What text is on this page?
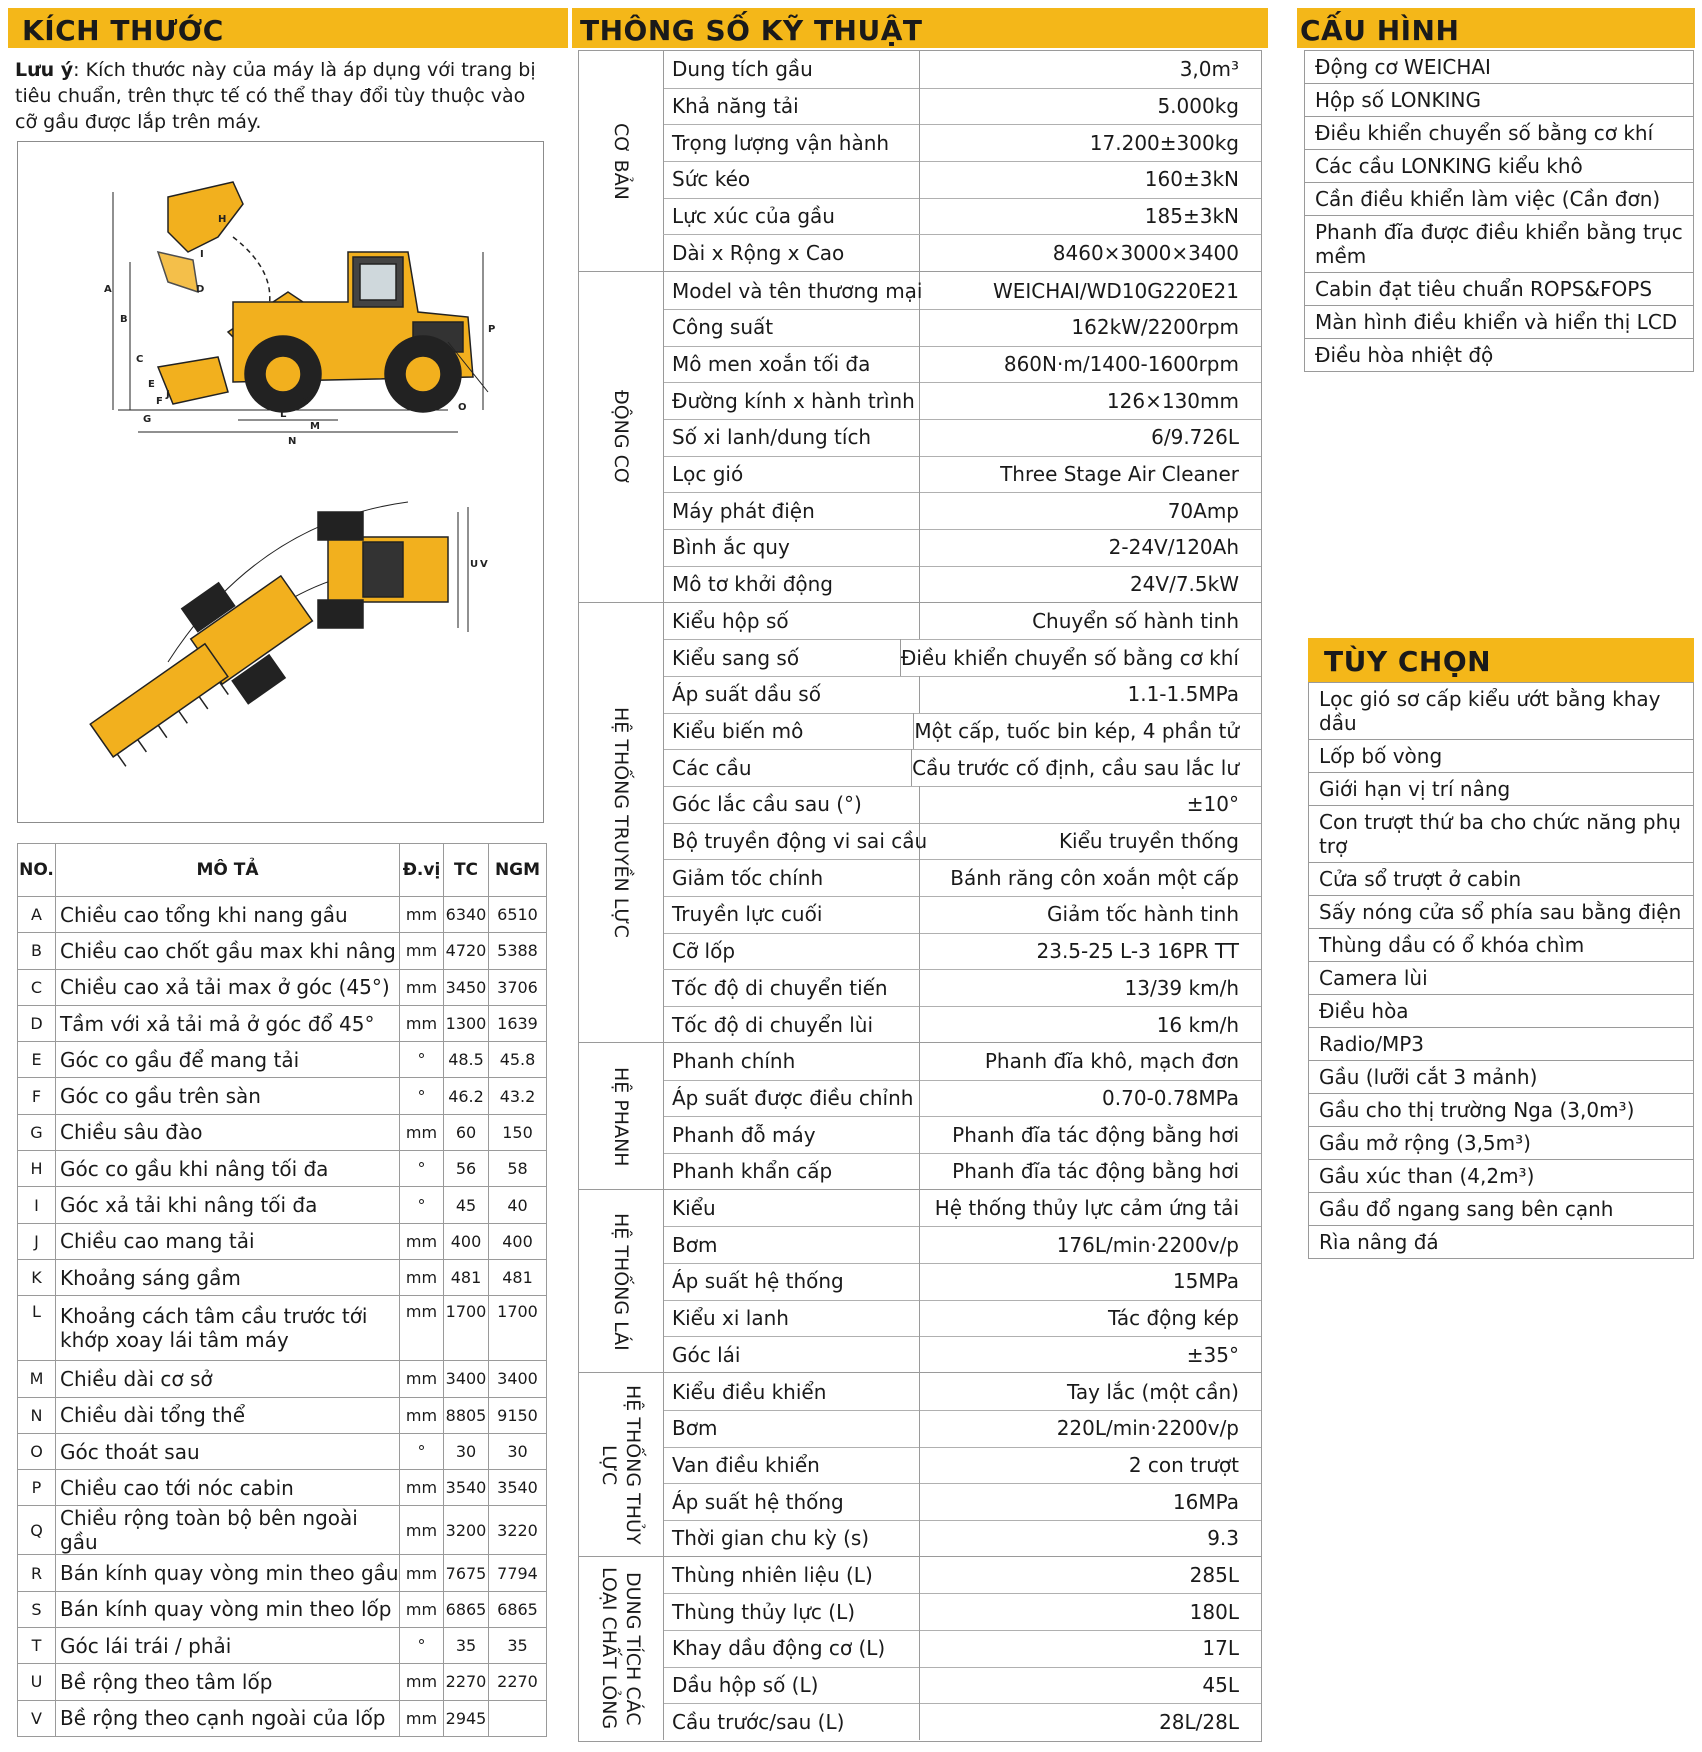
KÍCH THƯỚC	THÔNG SỐ KỸ THUẬT	CẤU HÌNH
Lưu ý: Kích thước này của máy là áp dụng với trang bị tiêu chuẩn, trên thực tế có thể thay đổi tùy thuộc vào cỡ gầu được lắp trên máy.
A
B
C
D
E
F
G
H
I
J
K
L
M
N
O
P
U V
NO.	MÔ TẢ	Đ.vị	TC	NGM
A	Chiều cao tổng khi nang gầu	mm	6340	6510
B	Chiều cao chốt gầu max khi nâng	mm	4720	5388
C	Chiều cao xả tải max ở góc (45°)	mm	3450	3706
D	Tầm với xả tải mả ở góc đổ 45°	mm	1300	1639
E	Góc co gầu để mang tải	°	48.5	45.8
F	Góc co gầu trên sàn	°	46.2	43.2
G	Chiều sâu đào	mm	60	150
H	Góc co gầu khi nâng tối đa	°	56	58
I	Góc xả tải khi nâng tối đa	°	45	40
J	Chiều cao mang tải	mm	400	400
K	Khoảng sáng gầm	mm	481	481
L	Khoảng cách tâm cầu trước tới khớp xoay lái tâm máy	mm	1700	1700
M	Chiều dài cơ sở	mm	3400	3400
N	Chiều dài tổng thể	mm	8805	9150
O	Góc thoát sau	°	30	30
P	Chiều cao tới nóc cabin	mm	3540	3540
Q	Chiều rộng toàn bộ bên ngoài gầu	mm	3200	3220
R	Bán kính quay vòng min theo gầu	mm	7675	7794
S	Bán kính quay vòng min theo lốp	mm	6865	6865
T	Góc lái trái / phải	°	35	35
U	Bề rộng theo tâm lốp	mm	2270	2270
V	Bề rộng theo cạnh ngoài của lốp	mm	2945	
CƠ BẢN
Dung tích gầu	3,0m³
Khả năng tải	5.000kg
Trọng lượng vận hành	17.200±300kg
Sức kéo	160±3kN
Lực xúc của gầu	185±3kN
Dài x Rộng x Cao	8460×3000×3400
ĐỘNG CƠ
Model và tên thương mại	WEICHAI/WD10G220E21
Công suất	162kW/2200rpm
Mô men xoắn tối đa	860N·m/1400-1600rpm
Đường kính x hành trình	126×130mm
Số xi lanh/dung tích	6/9.726L
Lọc gió	Three Stage Air Cleaner
Máy phát điện	70Amp
Bình ắc quy	2-24V/120Ah
Mô tơ khởi động	24V/7.5kW
HỆ THỐNG TRUYỀN LỰC
Kiểu hộp số	Chuyển số hành tinh
Kiểu sang số	Điều khiển chuyển số bằng cơ khí
Áp suất dầu số	1.1-1.5MPa
Kiểu biến mô	Một cấp, tuốc bin kép, 4 phần tử
Các cầu	Cầu trước cố định, cầu sau lắc lư
Góc lắc cầu sau (°)	±10°
Bộ truyền động vi sai cầu	Kiểu truyền thống
Giảm tốc chính	Bánh răng côn xoắn một cấp
Truyền lực cuối	Giảm tốc hành tinh
Cỡ lốp	23.5-25 L-3 16PR TT
Tốc độ di chuyển tiến	13/39 km/h
Tốc độ di chuyển lùi	16 km/h
HỆ PHANH
Phanh chính	Phanh đĩa khô, mạch đơn
Áp suất được điều chỉnh	0.70-0.78MPa
Phanh đỗ máy	Phanh đĩa tác động bằng hơi
Phanh khẩn cấp	Phanh đĩa tác động bằng hơi
HỆ THỐNG LÁI
Kiểu	Hệ thống thủy lực cảm ứng tải
Bơm	176L/min·2200v/p
Áp suất hệ thống	15MPa
Kiểu xi lanh	Tác động kép
Góc lái	±35°
HỆ THỐNG THỦY LỰC
Kiểu điều khiển	Tay lắc (một cần)
Bơm	220L/min·2200v/p
Van điều khiển	2 con trượt
Áp suất hệ thống	16MPa
Thời gian chu kỳ (s)	9.3
DUNG TÍCH CÁC LOẠI CHẤT LỎNG	Thùng nhiên liệu (L)	285L
Thùng thủy lực (L)	180L
Khay dầu động cơ (L)	17L
Dầu hộp số (L)	45L
Cầu trước/sau (L)	28L/28L
Động cơ WEICHAI
Hộp số LONKING
Điều khiển chuyển số bằng cơ khí
Các cầu LONKING kiểu khô
Cần điều khiển làm việc (Cần đơn)
Phanh đĩa được điều khiển bằng trục mềm
Cabin đạt tiêu chuẩn ROPS&FOPS
Màn hình điều khiển và hiển thị LCD
Điều hòa nhiệt độ
TÙY CHỌN
Lọc gió sơ cấp kiểu ướt bằng khay dầu
Lốp bố vòng
Giới hạn vị trí nâng
Con trượt thứ ba cho chức năng phụ trợ
Cửa sổ trượt ở cabin
Sấy nóng cửa sổ phía sau bằng điện
Thùng dầu có ổ khóa chìm
Camera lùi
Điều hòa
Radio/MP3
Gầu (lưỡi cắt 3 mảnh)
Gầu cho thị trường Nga (3,0m³)
Gầu mở rộng (3,5m³)
Gầu xúc than (4,2m³)
Gầu đổ ngang sang bên cạnh
Rìa nâng đá
